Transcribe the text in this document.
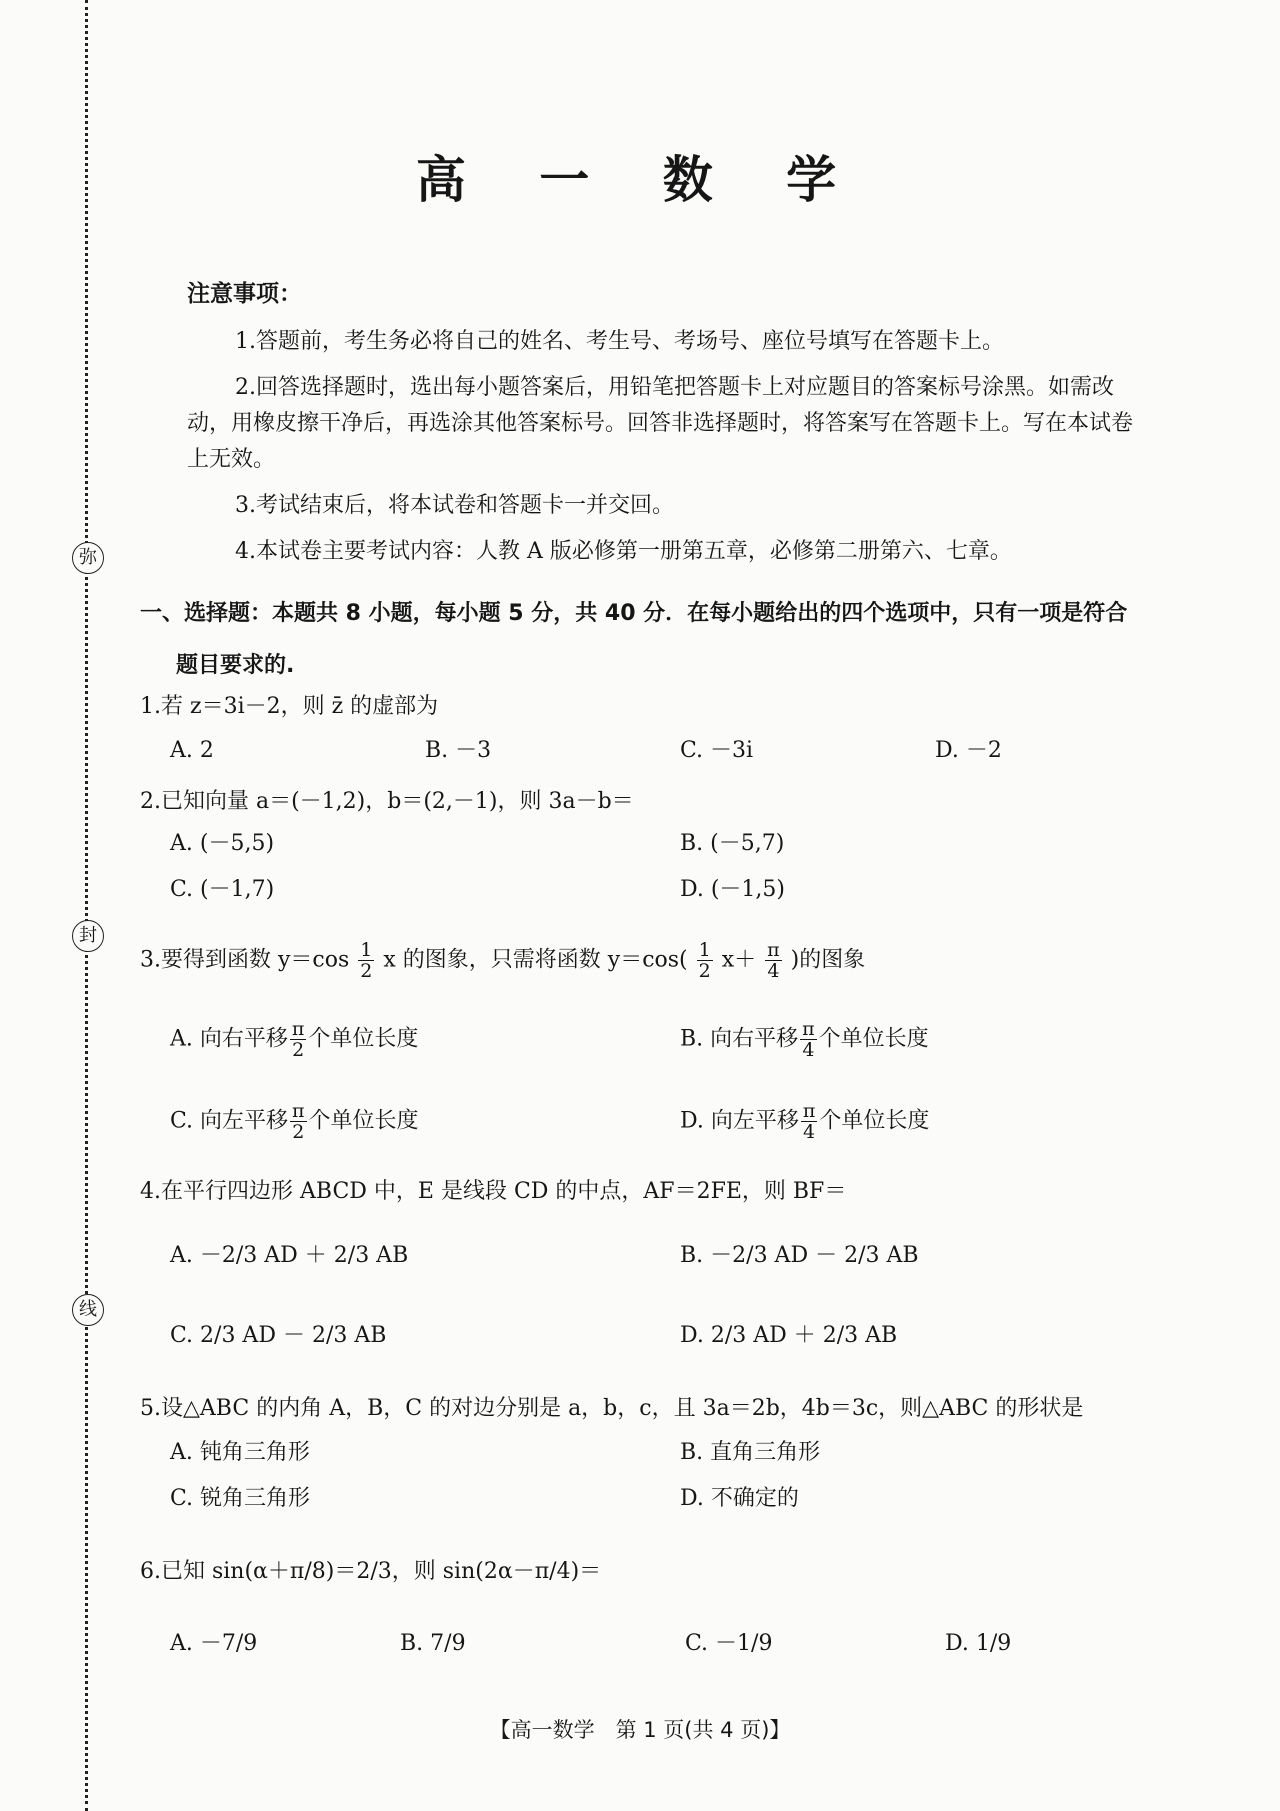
弥
封
线
高 一 数 学
注意事项：

1.答题前，考生务必将自己的姓名、考生号、考场号、座位号填写在答题卡上。

2.回答选择题时，选出每小题答案后，用铅笔把答题卡上对应题目的答案标号涂黑。如需改动，用橡皮擦干净后，再选涂其他答案标号。回答非选择题时，将答案写在答题卡上。写在本试卷上无效。

3.考试结束后，将本试卷和答题卡一并交回。

4.本试卷主要考试内容：人教 A 版必修第一册第五章，必修第二册第六、七章。

一、选择题：本题共 8 小题，每小题 5 分，共 40 分．在每小题给出的四个选项中，只有一项是符合
题目要求的.
1.若 z＝3i－2，则 z̄ 的虚部为
A. 2	B. －3	C. －3i	D. －2
2.已知向量 a＝(－1,2)，b＝(2,－1)，则 3a－b＝
A. (－5,5)	B. (－5,7)
C. (－1,7)	D. (－1,5)
3.要得到函数 $y=\cos \frac{1}{2}$ x 的图象，只需将函数 $y=\cos( \frac{1}{2} x+ \frac{\pi}{4}$ )的图象
A. 向右平移 $\frac{\pi}{2}$ 个单位长度	B. 向右平移 $\frac{\pi}{4}$ 个单位长度
C. 向左平移 $\frac{\pi}{2}$ 个单位长度	D. 向左平移 $\frac{\pi}{4}$ 个单位长度
4.在平行四边形 ABCD 中，E 是线段 CD 的中点，AF＝2FE，则 BF＝
A. －2/3 AD ＋ 2/3 AB	B. －2/3 AD － 2/3 AB
C. 2/3 AD － 2/3 AB	D. 2/3 AD ＋ 2/3 AB
5.设△ABC 的内角 A，B，C 的对边分别是 a，b，c，且 3a＝2b，4b＝3c，则△ABC 的形状是
A. 钝角三角形	B. 直角三角形
C. 锐角三角形	D. 不确定的
6.已知 sin(α＋π/8)＝2/3，则 sin(2α－π/4)＝
A. －7/9	B. 7/9	C. －1/9	D. 1/9
【高一数学　第 1 页(共 4 页)】
